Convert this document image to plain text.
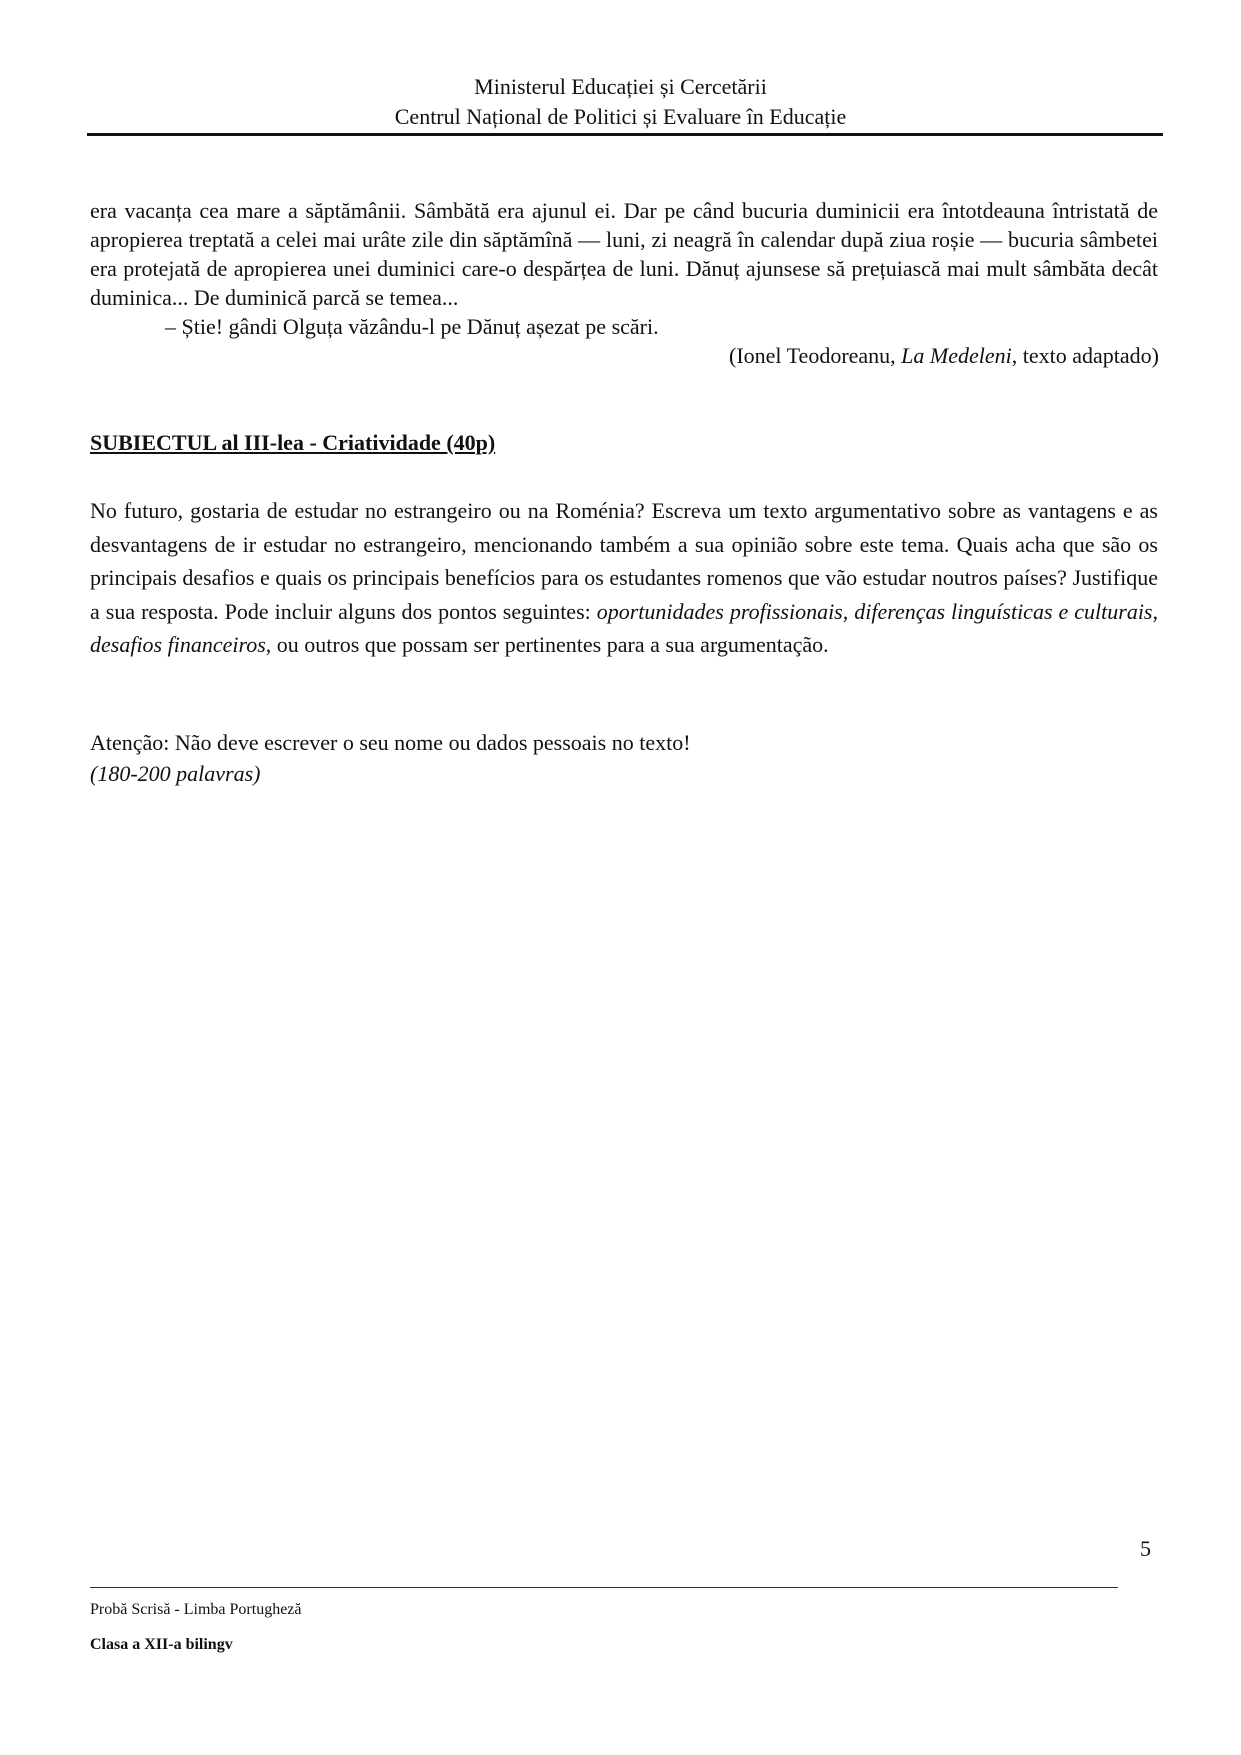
Ministerul Educației și Cercetării
Centrul Național de Politici și Evaluare în Educație
era vacanța cea mare a săptămânii. Sâmbătă era ajunul ei. Dar pe când bucuria duminicii era întotdeauna întristată de apropierea treptată a celei mai urâte zile din săptămînă — luni, zi neagră în calendar după ziua roșie — bucuria sâmbetei era protejată de apropierea unei duminici care-o despărțea de luni. Dănuț ajunsese să prețuiască mai mult sâmbăta decât duminica... De duminică parcă se temea...
– Știe! gândi Olguța văzându-l pe Dănuț așezat pe scări.
(Ionel Teodoreanu, La Medeleni, texto adaptado)
SUBIECTUL al III-lea - Criatividade (40p)
No futuro, gostaria de estudar no estrangeiro ou na Roménia? Escreva um texto argumentativo sobre as vantagens e as desvantagens de ir estudar no estrangeiro, mencionando também a sua opinião sobre este tema. Quais acha que são os principais desafios e quais os principais benefícios para os estudantes romenos que vão estudar noutros países? Justifique a sua resposta. Pode incluir alguns dos pontos seguintes: oportunidades profissionais, diferenças linguísticas e culturais, desafios financeiros, ou outros que possam ser pertinentes para a sua argumentação.
Atenção: Não deve escrever o seu nome ou dados pessoais no texto!
(180-200 palavras)
5
Probă Scrisă - Limba Portugheză
Clasa a XII-a bilingv
